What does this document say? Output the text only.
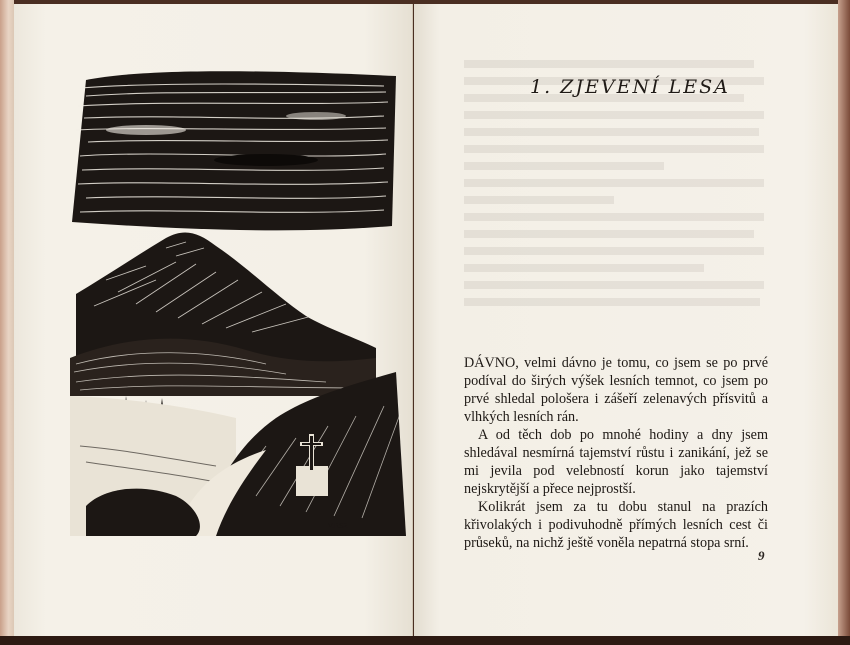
V.RS2
1. ZJEVENÍ LESA

DÁVNO, velmi dávno je tomu, co jsem se po prvé podíval do širých výšek lesních temnot, co jsem po prvé shledal pološera i zášeří zelenavých přísvitů a vlhkých lesních rán.

A od těch dob po mnohé hodiny a dny jsem shledával nesmírná tajemství růstu i zanikání, jež se mi jevila pod velebností korun jako tajemství nejskrytější a přece nejprostší.

Kolikrát jsem za tu dobu stanul na prazích křivolakých i podivuhodně přímých lesních cest či průseků, na nichž ještě voněla nepatrná stopa srní.

9
